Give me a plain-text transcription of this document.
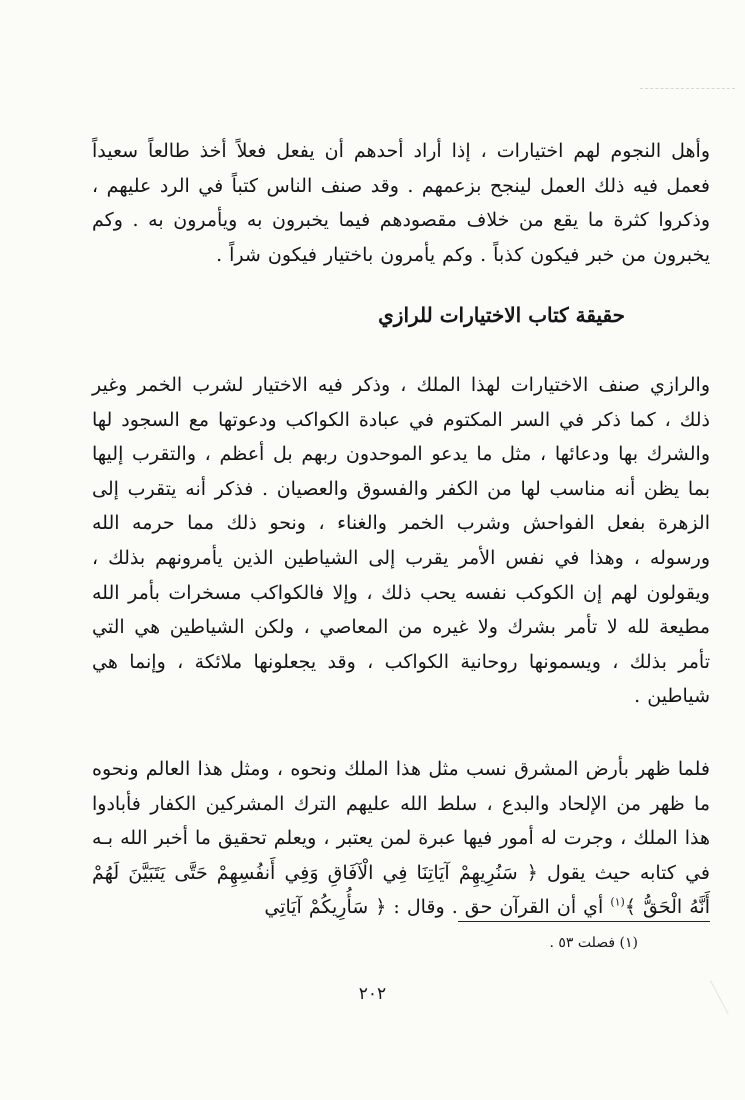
وأهل النجوم لهم اختيارات ، إذا أراد أحدهم أن يفعل فعلاً أخذ طالعاً سعيداً فعمل فيه ذلك العمل لينجح بزعمهم . وقد صنف الناس كتباً في الرد عليهم ، وذكروا كثرة ما يقع من خلاف مقصودهم فيما يخبرون به ويأمرون به . وكم يخبرون من خبر فيكون كذباً . وكم يأمرون باختيار فيكون شراً .

حقيقة كتاب الاختيارات للرازي

والرازي صنف الاختيارات لهذا الملك ، وذكر فيه الاختيار لشرب الخمر وغير ذلك ، كما ذكر في السر المكتوم في عبادة الكواكب ودعوتها مع السجود لها والشرك بها ودعائها ، مثل ما يدعو الموحدون ربهم بل أعظم ، والتقرب إليها بما يظن أنه مناسب لها من الكفر والفسوق والعصيان . فذكر أنه يتقرب إلى الزهرة بفعل الفواحش وشرب الخمر والغناء ، ونحو ذلك مما حرمه الله ورسوله ، وهذا في نفس الأمر يقرب إلى الشياطين الذين يأمرونهم بذلك ، ويقولون لهم إن الكوكب نفسه يحب ذلك ، وإلا فالكواكب مسخرات بأمر الله مطيعة لله لا تأمر بشرك ولا غيره من المعاصي ، ولكن الشياطين هي التي تأمر بذلك ، ويسمونها روحانية الكواكب ، وقد يجعلونها ملائكة ، وإنما هي شياطين .

فلما ظهر بأرض المشرق نسب مثل هذا الملك ونحوه ، ومثل هذا العالم ونحوه ما ظهر من الإلحاد والبدع ، سلط الله عليهم الترك المشركين الكفار فأبادوا هذا الملك ، وجرت له أمور فيها عبرة لمن يعتبر ، ويعلم تحقيق ما أخبر الله بـه في كتابه حيث يقول ﴿ سَنُرِيهِمْ آيَاتِنَا فِي الْآفَاقِ وَفِي أَنفُسِهِمْ حَتَّى يَتَبَيَّنَ لَهُمْ أَنَّهُ الْحَقُّ ﴾$^{(١)}$ أي أن القرآن حق . وقال : ﴿ سَأُرِيكُمْ آيَاتِي

(١) فصلت ٥٣ .
٢٠٢
